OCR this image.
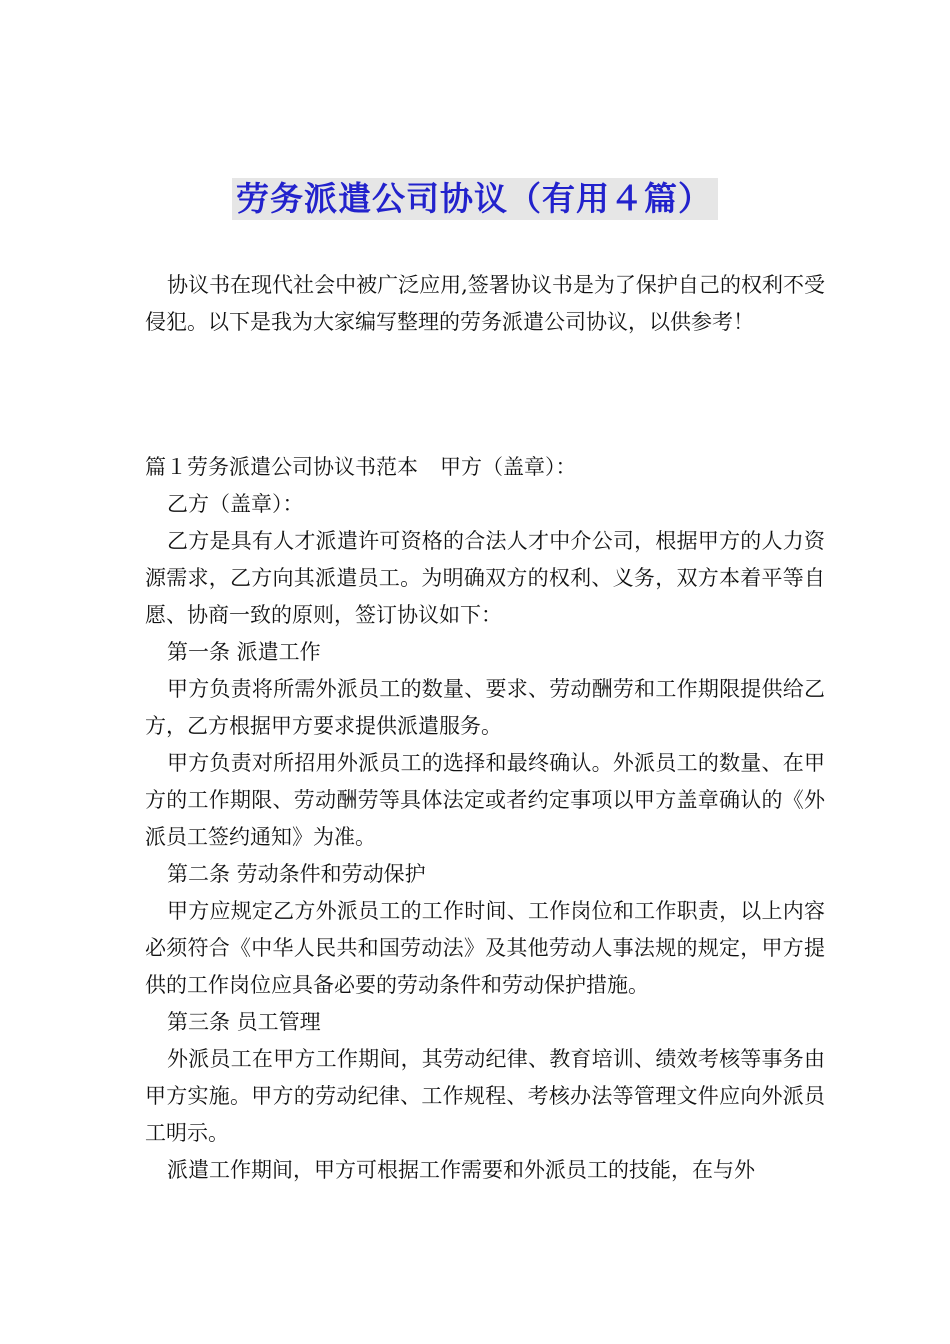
劳务派遣公司协议（有用４篇）

协议书在现代社会中被广泛应用,签署协议书是为了保护自己的权利不受侵犯。以下是我为大家编写整理的劳务派遣公司协议，以供参考！

篇１劳务派遣公司协议书范本 甲方（盖章）：

乙方（盖章）：

乙方是具有人才派遣许可资格的合法人才中介公司，根据甲方的人力资源需求，乙方向其派遣员工。为明确双方的权利、义务，双方本着平等自愿、协商一致的原则，签订协议如下：

第一条 派遣工作

甲方负责将所需外派员工的数量、要求、劳动酬劳和工作期限提供给乙方，乙方根据甲方要求提供派遣服务。

甲方负责对所招用外派员工的选择和最终确认。外派员工的数量、在甲方的工作期限、劳动酬劳等具体法定或者约定事项以甲方盖章确认的《外派员工签约通知》为准。

第二条 劳动条件和劳动保护

甲方应规定乙方外派员工的工作时间、工作岗位和工作职责，以上内容必须符合《中华人民共和国劳动法》及其他劳动人事法规的规定，甲方提供的工作岗位应具备必要的劳动条件和劳动保护措施。

第三条 员工管理

外派员工在甲方工作期间，其劳动纪律、教育培训、绩效考核等事务由甲方实施。甲方的劳动纪律、工作规程、考核办法等管理文件应向外派员工明示。

派遣工作期间，甲方可根据工作需要和外派员工的技能，在与外
